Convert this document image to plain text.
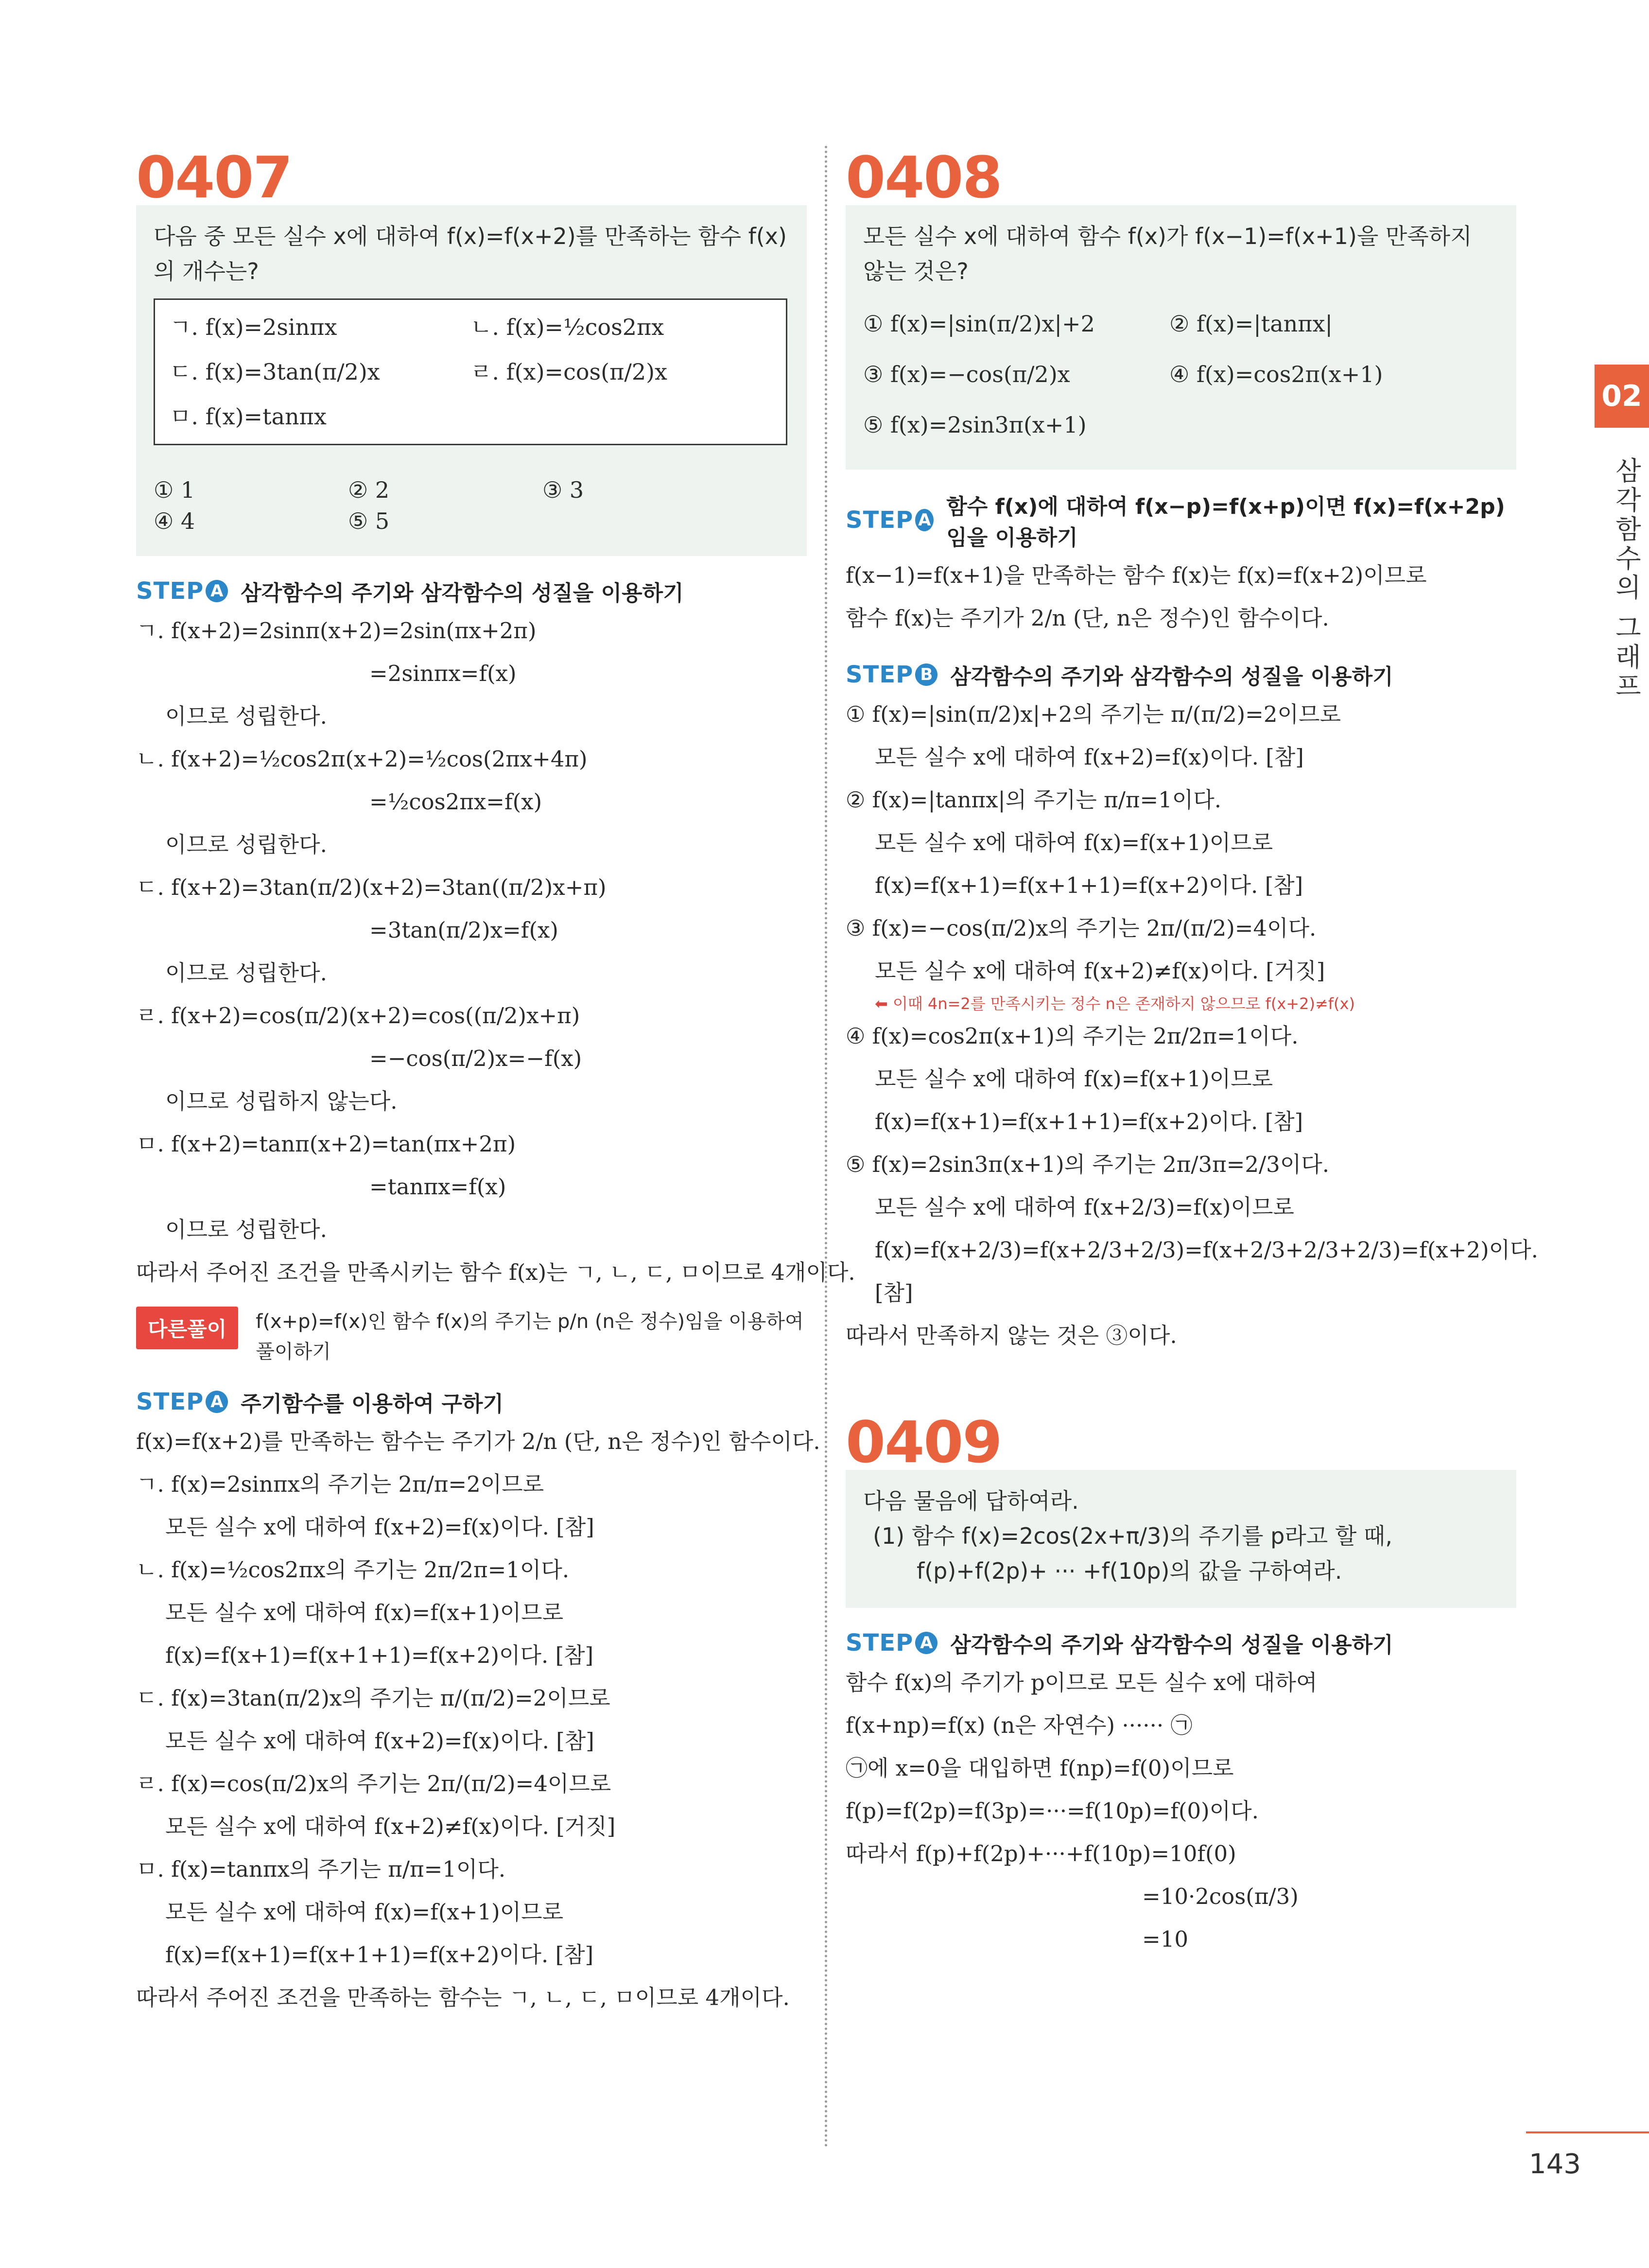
0407
다음 중 모든 실수 x에 대하여 f(x)=f(x+2)를 만족하는 함수 f(x)의 개수는?
ㄱ. f(x)=2sinπx	ㄴ. f(x)=½cos2πx
ㄷ. f(x)=3tan(π/2)x	ㄹ. f(x)=cos(π/2)x
ㅁ. f(x)=tanπx
① 1	② 2	③ 3
④ 4	⑤ 5
STEP A 삼각함수의 주기와 삼각함수의 성질을 이용하기
ㄱ. f(x+2)=2sinπ(x+2)=2sin(πx+2π)
=2sinπx=f(x)
이므로 성립한다.
ㄴ. f(x+2)=½cos2π(x+2)=½cos(2πx+4π)
=½cos2πx=f(x)
이므로 성립한다.
ㄷ. f(x+2)=3tan(π/2)(x+2)=3tan((π/2)x+π)
=3tan(π/2)x=f(x)
이므로 성립한다.
ㄹ. f(x+2)=cos(π/2)(x+2)=cos((π/2)x+π)
=−cos(π/2)x=−f(x)
이므로 성립하지 않는다.
ㅁ. f(x+2)=tanπ(x+2)=tan(πx+2π)
=tanπx=f(x)
이므로 성립한다.
따라서 주어진 조건을 만족시키는 함수 f(x)는 ㄱ, ㄴ, ㄷ, ㅁ이므로 4개이다.
다른풀이	f(x+p)=f(x)인 함수 f(x)의 주기는 p/n (n은 정수)임을 이용하여 풀이하기
STEP A 주기함수를 이용하여 구하기
f(x)=f(x+2)를 만족하는 함수는 주기가 2/n (단, n은 정수)인 함수이다.
ㄱ. f(x)=2sinπx의 주기는 2π/π=2이므로
모든 실수 x에 대하여 f(x+2)=f(x)이다. [참]
ㄴ. f(x)=½cos2πx의 주기는 2π/2π=1이다.
모든 실수 x에 대하여 f(x)=f(x+1)이므로
f(x)=f(x+1)=f(x+1+1)=f(x+2)이다. [참]
ㄷ. f(x)=3tan(π/2)x의 주기는 π/(π/2)=2이므로
모든 실수 x에 대하여 f(x+2)=f(x)이다. [참]
ㄹ. f(x)=cos(π/2)x의 주기는 2π/(π/2)=4이므로
모든 실수 x에 대하여 f(x+2)≠f(x)이다. [거짓]
ㅁ. f(x)=tanπx의 주기는 π/π=1이다.
모든 실수 x에 대하여 f(x)=f(x+1)이므로
f(x)=f(x+1)=f(x+1+1)=f(x+2)이다. [참]
따라서 주어진 조건을 만족하는 함수는 ㄱ, ㄴ, ㄷ, ㅁ이므로 4개이다.
0408
모든 실수 x에 대하여 함수 f(x)가 f(x−1)=f(x+1)을 만족하지 않는 것은?
① f(x)=|sin(π/2)x|+2	② f(x)=|tanπx|
③ f(x)=−cos(π/2)x	④ f(x)=cos2π(x+1)
⑤ f(x)=2sin3π(x+1)
STEP A
함수 f(x)에 대하여 f(x−p)=f(x+p)이면 f(x)=f(x+2p)임을 이용하기
f(x−1)=f(x+1)을 만족하는 함수 f(x)는 f(x)=f(x+2)이므로
함수 f(x)는 주기가 2/n (단, n은 정수)인 함수이다.
STEP B 삼각함수의 주기와 삼각함수의 성질을 이용하기
① f(x)=|sin(π/2)x|+2의 주기는 π/(π/2)=2이므로
모든 실수 x에 대하여 f(x+2)=f(x)이다. [참]
② f(x)=|tanπx|의 주기는 π/π=1이다.
모든 실수 x에 대하여 f(x)=f(x+1)이므로
f(x)=f(x+1)=f(x+1+1)=f(x+2)이다. [참]
③ f(x)=−cos(π/2)x의 주기는 2π/(π/2)=4이다.
모든 실수 x에 대하여 f(x+2)≠f(x)이다. [거짓]
⬅ 이때 4n=2를 만족시키는 정수 n은 존재하지 않으므로 f(x+2)≠f(x)
④ f(x)=cos2π(x+1)의 주기는 2π/2π=1이다.
모든 실수 x에 대하여 f(x)=f(x+1)이므로
f(x)=f(x+1)=f(x+1+1)=f(x+2)이다. [참]
⑤ f(x)=2sin3π(x+1)의 주기는 2π/3π=2/3이다.
모든 실수 x에 대하여 f(x+2/3)=f(x)이므로
f(x)=f(x+2/3)=f(x+2/3+2/3)=f(x+2/3+2/3+2/3)=f(x+2)이다.
[참]
따라서 만족하지 않는 것은 ③이다.
0409
다음 물음에 답하여라.
(1) 함수 f(x)=2cos(2x+π/3)의 주기를 p라고 할 때,
f(p)+f(2p)+ ··· +f(10p)의 값을 구하여라.
STEP A 삼각함수의 주기와 삼각함수의 성질을 이용하기
함수 f(x)의 주기가 p이므로 모든 실수 x에 대하여
f(x+np)=f(x) (n은 자연수) ······ ㉠
㉠에 x=0을 대입하면 f(np)=f(0)이므로
f(p)=f(2p)=f(3p)=···=f(10p)=f(0)이다.
따라서 f(p)+f(2p)+···+f(10p)=10f(0)
=10·2cos(π/3)
=10
02
삼각함수의 그래프
143
